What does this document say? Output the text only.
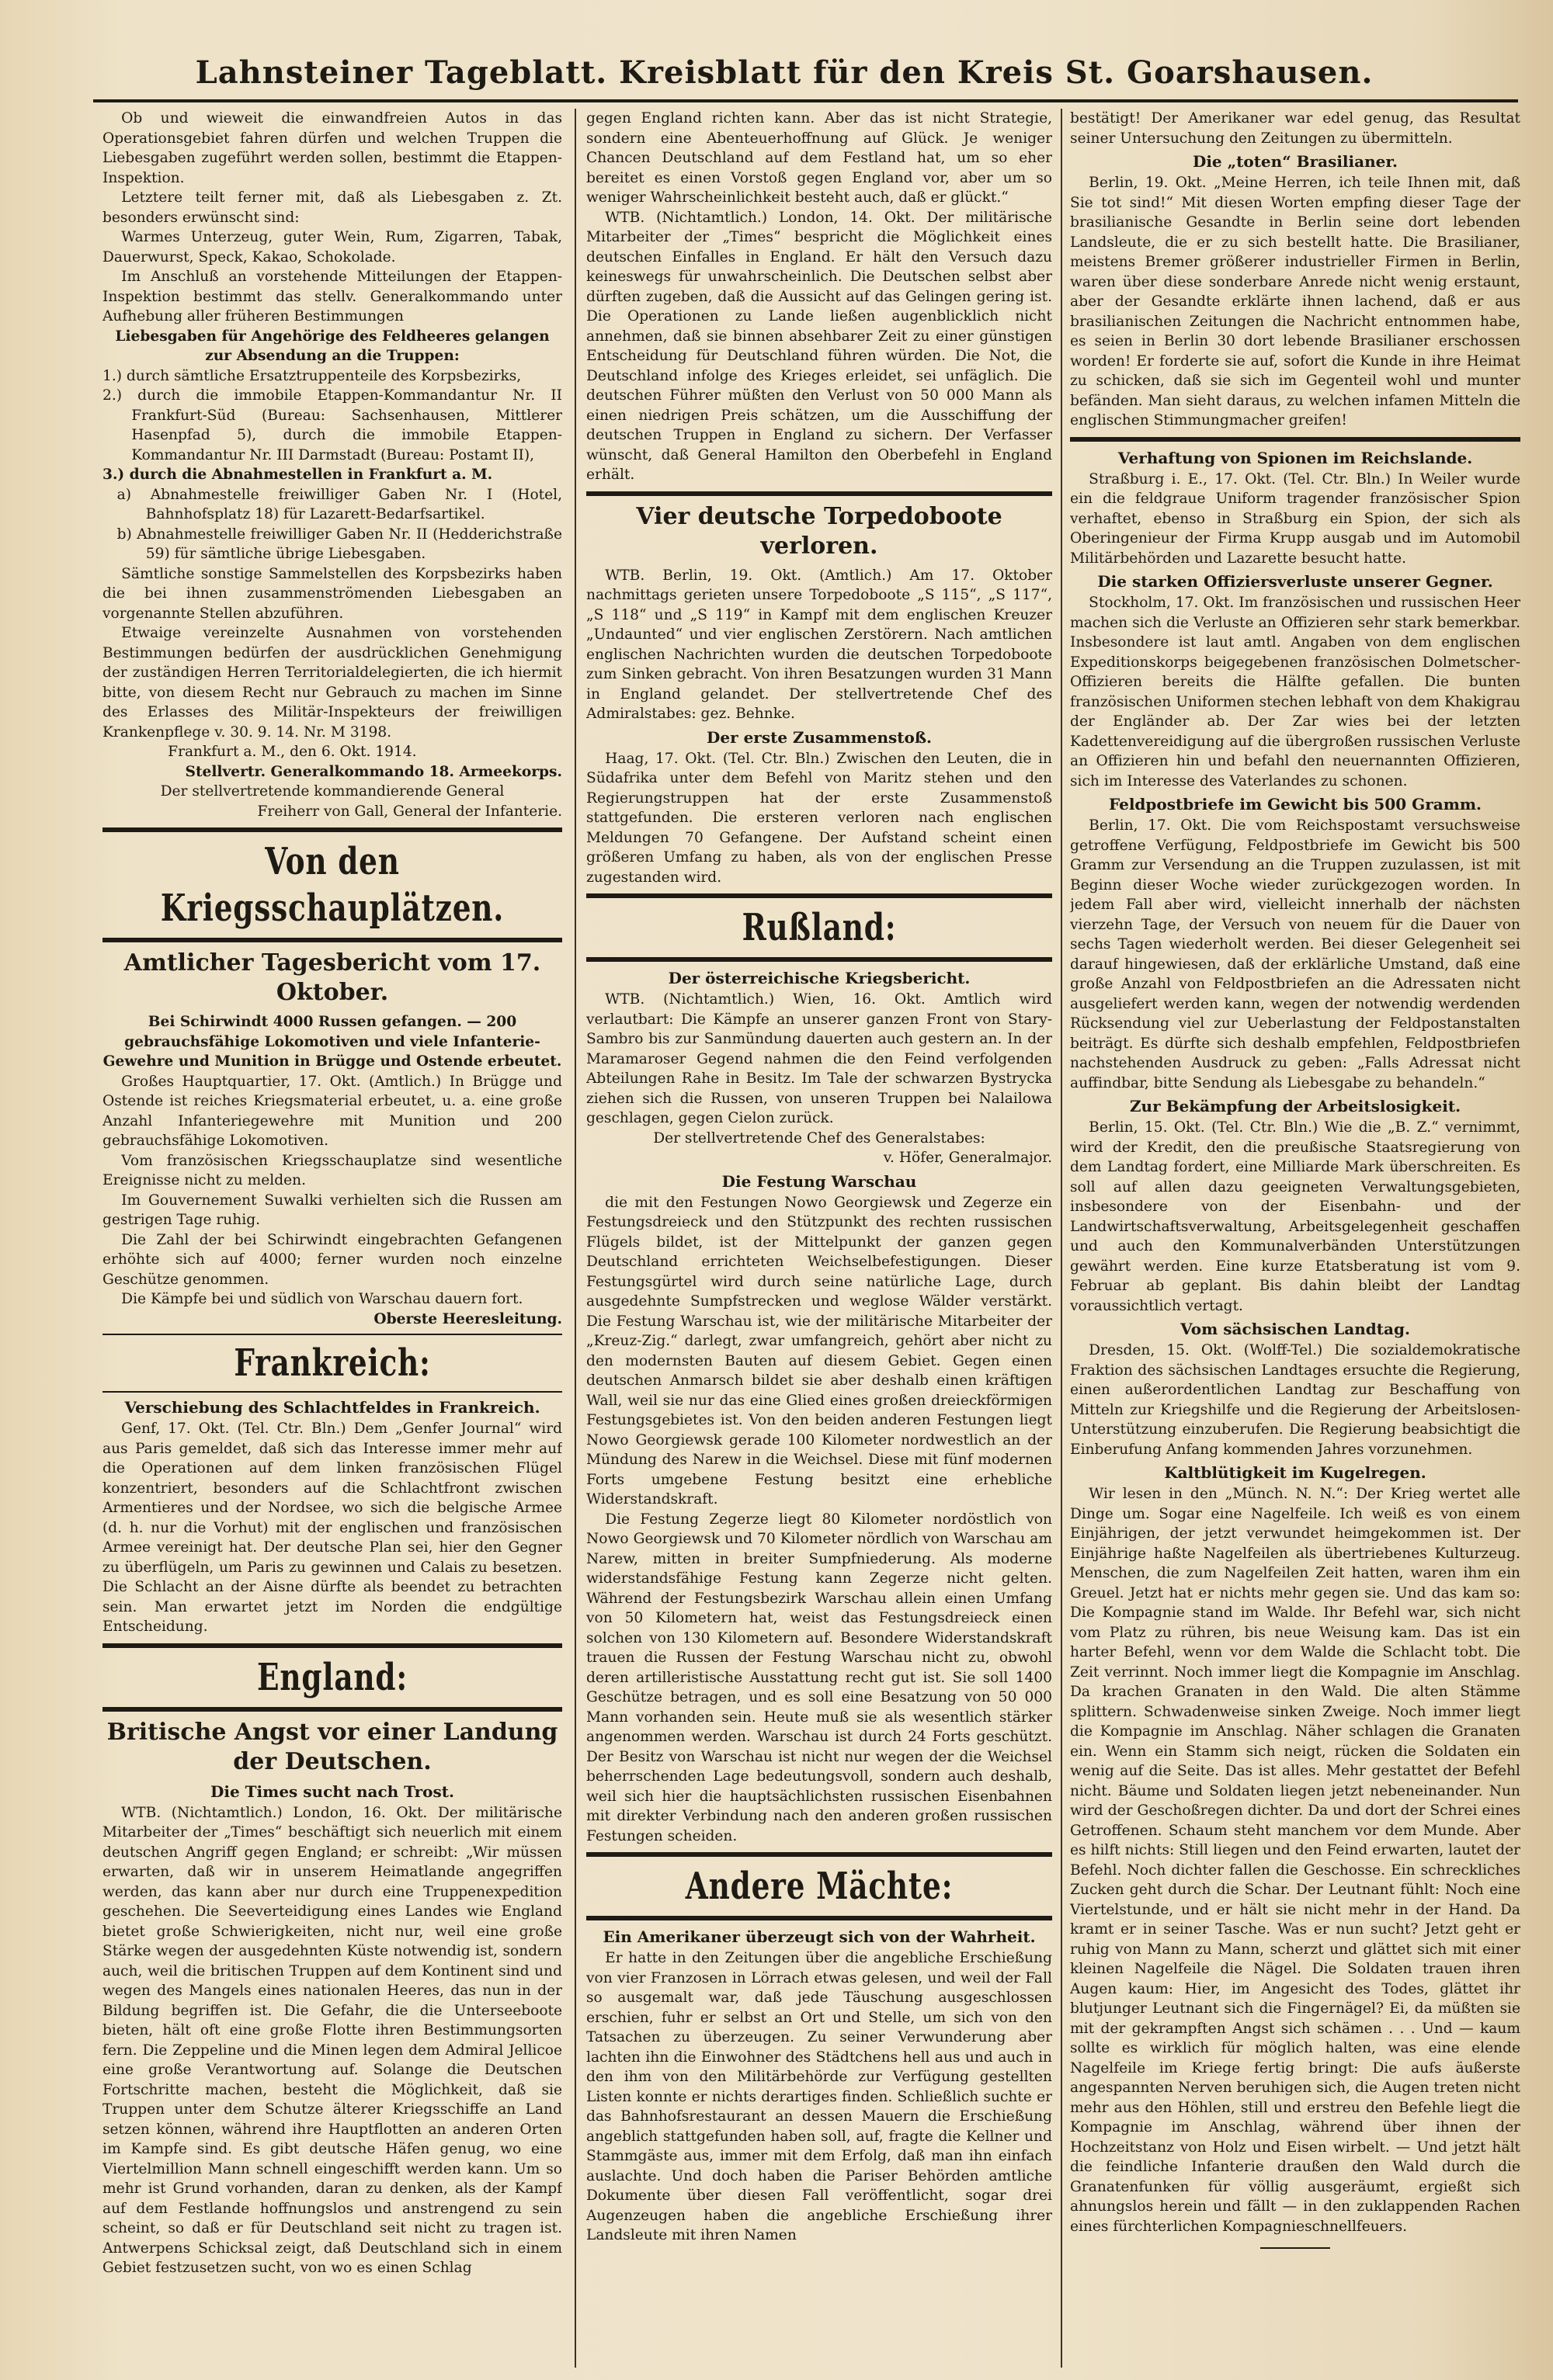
Lahnsteiner Tageblatt. Kreisblatt für den Kreis St. Goarshausen.

Ob und wieweit die einwandfreien Autos in das Operationsgebiet fahren dürfen und welchen Truppen die Liebesgaben zugeführt werden sollen, bestimmt die Etappen-Inspektion.

Letztere teilt ferner mit, daß als Liebesgaben z. Zt. besonders erwünscht sind:

Warmes Unterzeug, guter Wein, Rum, Zigarren, Tabak, Dauerwurst, Speck, Kakao, Schokolade.

Im Anschluß an vorstehende Mitteilungen der Etappen-Inspektion bestimmt das stellv. Generalkommando unter Aufhebung aller früheren Bestimmungen

Liebesgaben für Angehörige des Feldheeres gelangen zur Absendung an die Truppen:

1.) durch sämtliche Ersatztruppenteile des Korpsbezirks,
2.) durch die immobile Etappen-Kommandantur Nr. II Frankfurt-Süd (Bureau: Sachsenhausen, Mittlerer Hasenpfad 5), durch die immobile Etappen-Kommandantur Nr. III Darmstadt (Bureau: Postamt II),
3.) durch die Abnahmestellen in Frankfurt a. M.
a) Abnahmestelle freiwilliger Gaben Nr. I (Hotel, Bahnhofsplatz 18) für Lazarett-Bedarfsartikel.
b) Abnahmestelle freiwilliger Gaben Nr. II (Hedderichstraße 59) für sämtliche übrige Liebesgaben.

Sämtliche sonstige Sammelstellen des Korpsbezirks haben die bei ihnen zusammenströmenden Liebesgaben an vorgenannte Stellen abzuführen.

Etwaige vereinzelte Ausnahmen von vorstehenden Bestimmungen bedürfen der ausdrücklichen Genehmigung der zuständigen Herren Territorialdelegierten, die ich hiermit bitte, von diesem Recht nur Gebrauch zu machen im Sinne des Erlasses des Militär-Inspekteurs der freiwilligen Krankenpflege v. 30. 9. 14. Nr. M 3198.

Frankfurt a. M., den 6. Okt. 1914.

Stellvertr. Generalkommando 18. Armeekorps.

Der stellvertretende kommandierende General

Freiherr von Gall, General der Infanterie.

Von den Kriegsschauplätzen.
Amtlicher Tagesbericht vom 17. Oktober.

Bei Schirwindt 4000 Russen gefangen. — 200 gebrauchsfähige Lokomotiven und viele Infanterie-Gewehre und Munition in Brügge und Ostende erbeutet.

Großes Hauptquartier, 17. Okt. (Amtlich.) In Brügge und Ostende ist reiches Kriegsmaterial erbeutet, u. a. eine große Anzahl Infanteriegewehre mit Munition und 200 gebrauchsfähige Lokomotiven.

Vom französischen Kriegsschauplatze sind wesentliche Ereignisse nicht zu melden.

Im Gouvernement Suwalki verhielten sich die Russen am gestrigen Tage ruhig.

Die Zahl der bei Schirwindt eingebrachten Gefangenen erhöhte sich auf 4000; ferner wurden noch einzelne Geschütze genommen.

Die Kämpfe bei und südlich von Warschau dauern fort.

Oberste Heeresleitung.

Frankreich:
Verschiebung des Schlachtfeldes in Frankreich.

Genf, 17. Okt. (Tel. Ctr. Bln.) Dem „Genfer Journal“ wird aus Paris gemeldet, daß sich das Interesse immer mehr auf die Operationen auf dem linken französischen Flügel konzentriert, besonders auf die Schlachtfront zwischen Armentieres und der Nordsee, wo sich die belgische Armee (d. h. nur die Vorhut) mit der englischen und französischen Armee vereinigt hat. Der deutsche Plan sei, hier den Gegner zu überflügeln, um Paris zu gewinnen und Calais zu besetzen. Die Schlacht an der Aisne dürfte als beendet zu betrachten sein. Man erwartet jetzt im Norden die endgültige Entscheidung.

England:
Britische Angst vor einer Landung der Deutschen.
Die Times sucht nach Trost.

WTB. (Nichtamtlich.) London, 16. Okt. Der militärische Mitarbeiter der „Times“ beschäftigt sich neuerlich mit einem deutschen Angriff gegen England; er schreibt: „Wir müssen erwarten, daß wir in unserem Heimatlande angegriffen werden, das kann aber nur durch eine Truppenexpedition geschehen. Die Seeverteidigung eines Landes wie England bietet große Schwierigkeiten, nicht nur, weil eine große Stärke wegen der ausgedehnten Küste notwendig ist, sondern auch, weil die britischen Truppen auf dem Kontinent sind und wegen des Mangels eines nationalen Heeres, das nun in der Bildung begriffen ist. Die Gefahr, die die Unterseeboote bieten, hält oft eine große Flotte ihren Bestimmungsorten fern. Die Zeppeline und die Minen legen dem Admiral Jellicoe eine große Verantwortung auf. Solange die Deutschen Fortschritte machen, besteht die Möglichkeit, daß sie Truppen unter dem Schutze älterer Kriegsschiffe an Land setzen können, während ihre Hauptflotten an anderen Orten im Kampfe sind. Es gibt deutsche Häfen genug, wo eine Viertelmillion Mann schnell eingeschifft werden kann. Um so mehr ist Grund vorhanden, daran zu denken, als der Kampf auf dem Festlande hoffnungslos und anstrengend zu sein scheint, so daß er für Deutschland seit nicht zu tragen ist. Antwerpens Schicksal zeigt, daß Deutschland sich in einem Gebiet festzusetzen sucht, von wo es einen Schlag

gegen England richten kann. Aber das ist nicht Strategie, sondern eine Abenteuerhoffnung auf Glück. Je weniger Chancen Deutschland auf dem Festland hat, um so eher bereitet es einen Vorstoß gegen England vor, aber um so weniger Wahrscheinlichkeit besteht auch, daß er glückt.“

WTB. (Nichtamtlich.) London, 14. Okt. Der militärische Mitarbeiter der „Times“ bespricht die Möglichkeit eines deutschen Einfalles in England. Er hält den Versuch dazu keineswegs für unwahrscheinlich. Die Deutschen selbst aber dürften zugeben, daß die Aussicht auf das Gelingen gering ist. Die Operationen zu Lande ließen augenblicklich nicht annehmen, daß sie binnen absehbarer Zeit zu einer günstigen Entscheidung für Deutschland führen würden. Die Not, die Deutschland infolge des Krieges erleidet, sei unfäglich. Die deutschen Führer müßten den Verlust von 50 000 Mann als einen niedrigen Preis schätzen, um die Ausschiffung der deutschen Truppen in England zu sichern. Der Verfasser wünscht, daß General Hamilton den Oberbefehl in England erhält.

Vier deutsche Torpedoboote verloren.

WTB. Berlin, 19. Okt. (Amtlich.) Am 17. Oktober nachmittags gerieten unsere Torpedoboote „S 115“, „S 117“, „S 118“ und „S 119“ in Kampf mit dem englischen Kreuzer „Undaunted“ und vier englischen Zerstörern. Nach amtlichen englischen Nachrichten wurden die deutschen Torpedoboote zum Sinken gebracht. Von ihren Besatzungen wurden 31 Mann in England gelandet. Der stellvertretende Chef des Admiralstabes: gez. Behnke.

Der erste Zusammenstoß.

Haag, 17. Okt. (Tel. Ctr. Bln.) Zwischen den Leuten, die in Südafrika unter dem Befehl von Maritz stehen und den Regierungstruppen hat der erste Zusammenstoß stattgefunden. Die ersteren verloren nach englischen Meldungen 70 Gefangene. Der Aufstand scheint einen größeren Umfang zu haben, als von der englischen Presse zugestanden wird.

Rußland:
Der österreichische Kriegsbericht.

WTB. (Nichtamtlich.) Wien, 16. Okt. Amtlich wird verlautbart: Die Kämpfe an unserer ganzen Front von Stary-Sambro bis zur Sanmündung dauerten auch gestern an. In der Maramaroser Gegend nahmen die den Feind verfolgenden Abteilungen Rahe in Besitz. Im Tale der schwarzen Bystrycka ziehen sich die Russen, von unseren Truppen bei Nalailowa geschlagen, gegen Cielon zurück.

Der stellvertretende Chef des Generalstabes:

v. Höfer, Generalmajor.

Die Festung Warschau

die mit den Festungen Nowo Georgiewsk und Zegerze ein Festungsdreieck und den Stützpunkt des rechten russischen Flügels bildet, ist der Mittelpunkt der ganzen gegen Deutschland errichteten Weichselbefestigungen. Dieser Festungsgürtel wird durch seine natürliche Lage, durch ausgedehnte Sumpfstrecken und weglose Wälder verstärkt. Die Festung Warschau ist, wie der militärische Mitarbeiter der „Kreuz-Zig.“ darlegt, zwar umfangreich, gehört aber nicht zu den modernsten Bauten auf diesem Gebiet. Gegen einen deutschen Anmarsch bildet sie aber deshalb einen kräftigen Wall, weil sie nur das eine Glied eines großen dreieckförmigen Festungsgebietes ist. Von den beiden anderen Festungen liegt Nowo Georgiewsk gerade 100 Kilometer nordwestlich an der Mündung des Narew in die Weichsel. Diese mit fünf modernen Forts umgebene Festung besitzt eine erhebliche Widerstandskraft.

Die Festung Zegerze liegt 80 Kilometer nordöstlich von Nowo Georgiewsk und 70 Kilometer nördlich von Warschau am Narew, mitten in breiter Sumpfniederung. Als moderne widerstandsfähige Festung kann Zegerze nicht gelten. Während der Festungsbezirk Warschau allein einen Umfang von 50 Kilometern hat, weist das Festungsdreieck einen solchen von 130 Kilometern auf. Besondere Widerstandskraft trauen die Russen der Festung Warschau nicht zu, obwohl deren artilleristische Ausstattung recht gut ist. Sie soll 1400 Geschütze betragen, und es soll eine Besatzung von 50 000 Mann vorhanden sein. Heute muß sie als wesentlich stärker angenommen werden. Warschau ist durch 24 Forts geschützt. Der Besitz von Warschau ist nicht nur wegen der die Weichsel beherrschenden Lage bedeutungsvoll, sondern auch deshalb, weil sich hier die hauptsächlichsten russischen Eisenbahnen mit direkter Verbindung nach den anderen großen russischen Festungen scheiden.

Andere Mächte:
Ein Amerikaner überzeugt sich von der Wahrheit.

Er hatte in den Zeitungen über die angebliche Erschießung von vier Franzosen in Lörrach etwas gelesen, und weil der Fall so ausgemalt war, daß jede Täuschung ausgeschlossen erschien, fuhr er selbst an Ort und Stelle, um sich von den Tatsachen zu überzeugen. Zu seiner Verwunderung aber lachten ihn die Einwohner des Städtchens hell aus und auch in den ihm von den Militärbehörde zur Verfügung gestellten Listen konnte er nichts derartiges finden. Schließlich suchte er das Bahnhofsrestaurant an dessen Mauern die Erschießung angeblich stattgefunden haben soll, auf, fragte die Kellner und Stammgäste aus, immer mit dem Erfolg, daß man ihn einfach auslachte. Und doch haben die Pariser Behörden amtliche Dokumente über diesen Fall veröffentlicht, sogar drei Augenzeugen haben die angebliche Erschießung ihrer Landsleute mit ihren Namen

bestätigt! Der Amerikaner war edel genug, das Resultat seiner Untersuchung den Zeitungen zu übermitteln.

Die „toten“ Brasilianer.

Berlin, 19. Okt. „Meine Herren, ich teile Ihnen mit, daß Sie tot sind!“ Mit diesen Worten empfing dieser Tage der brasilianische Gesandte in Berlin seine dort lebenden Landsleute, die er zu sich bestellt hatte. Die Brasilianer, meistens Bremer größerer industrieller Firmen in Berlin, waren über diese sonderbare Anrede nicht wenig erstaunt, aber der Gesandte erklärte ihnen lachend, daß er aus brasilianischen Zeitungen die Nachricht entnommen habe, es seien in Berlin 30 dort lebende Brasilianer erschossen worden! Er forderte sie auf, sofort die Kunde in ihre Heimat zu schicken, daß sie sich im Gegenteil wohl und munter befänden. Man sieht daraus, zu welchen infamen Mitteln die englischen Stimmungmacher greifen!

Verhaftung von Spionen im Reichslande.

Straßburg i. E., 17. Okt. (Tel. Ctr. Bln.) In Weiler wurde ein die feldgraue Uniform tragender französischer Spion verhaftet, ebenso in Straßburg ein Spion, der sich als Oberingenieur der Firma Krupp ausgab und im Automobil Militärbehörden und Lazarette besucht hatte.

Die starken Offiziersverluste unserer Gegner.

Stockholm, 17. Okt. Im französischen und russischen Heer machen sich die Verluste an Offizieren sehr stark bemerkbar. Insbesondere ist laut amtl. Angaben von dem englischen Expeditionskorps beigegebenen französischen Dolmetscher-Offizieren bereits die Hälfte gefallen. Die bunten französischen Uniformen stechen lebhaft von dem Khakigrau der Engländer ab. Der Zar wies bei der letzten Kadettenvereidigung auf die übergroßen russischen Verluste an Offizieren hin und befahl den neuernannten Offizieren, sich im Interesse des Vaterlandes zu schonen.

Feldpostbriefe im Gewicht bis 500 Gramm.

Berlin, 17. Okt. Die vom Reichspostamt versuchsweise getroffene Verfügung, Feldpostbriefe im Gewicht bis 500 Gramm zur Versendung an die Truppen zuzulassen, ist mit Beginn dieser Woche wieder zurückgezogen worden. In jedem Fall aber wird, vielleicht innerhalb der nächsten vierzehn Tage, der Versuch von neuem für die Dauer von sechs Tagen wiederholt werden. Bei dieser Gelegenheit sei darauf hingewiesen, daß der erklärliche Umstand, daß eine große Anzahl von Feldpostbriefen an die Adressaten nicht ausgeliefert werden kann, wegen der notwendig werdenden Rücksendung viel zur Ueberlastung der Feldpostanstalten beiträgt. Es dürfte sich deshalb empfehlen, Feldpostbriefen nachstehenden Ausdruck zu geben: „Falls Adressat nicht auffindbar, bitte Sendung als Liebesgabe zu behandeln.“

Zur Bekämpfung der Arbeitslosigkeit.

Berlin, 15. Okt. (Tel. Ctr. Bln.) Wie die „B. Z.“ vernimmt, wird der Kredit, den die preußische Staatsregierung von dem Landtag fordert, eine Milliarde Mark überschreiten. Es soll auf allen dazu geeigneten Verwaltungsgebieten, insbesondere von der Eisenbahn- und der Landwirtschaftsverwaltung, Arbeitsgelegenheit geschaffen und auch den Kommunalverbänden Unterstützungen gewährt werden. Eine kurze Etatsberatung ist vom 9. Februar ab geplant. Bis dahin bleibt der Landtag voraussichtlich vertagt.

Vom sächsischen Landtag.

Dresden, 15. Okt. (Wolff-Tel.) Die sozialdemokratische Fraktion des sächsischen Landtages ersuchte die Regierung, einen außerordentlichen Landtag zur Beschaffung von Mitteln zur Kriegshilfe und die Regierung der Arbeitslosen-Unterstützung einzuberufen. Die Regierung beabsichtigt die Einberufung Anfang kommenden Jahres vorzunehmen.

Kaltblütigkeit im Kugelregen.

Wir lesen in den „Münch. N. N.“: Der Krieg wertet alle Dinge um. Sogar eine Nagelfeile. Ich weiß es von einem Einjährigen, der jetzt verwundet heimgekommen ist. Der Einjährige haßte Nagelfeilen als übertriebenes Kulturzeug. Menschen, die zum Nagelfeilen Zeit hatten, waren ihm ein Greuel. Jetzt hat er nichts mehr gegen sie. Und das kam so: Die Kompagnie stand im Walde. Ihr Befehl war, sich nicht vom Platz zu rühren, bis neue Weisung kam. Das ist ein harter Befehl, wenn vor dem Walde die Schlacht tobt. Die Zeit verrinnt. Noch immer liegt die Kompagnie im Anschlag. Da krachen Granaten in den Wald. Die alten Stämme splittern. Schwadenweise sinken Zweige. Noch immer liegt die Kompagnie im Anschlag. Näher schlagen die Granaten ein. Wenn ein Stamm sich neigt, rücken die Soldaten ein wenig auf die Seite. Das ist alles. Mehr gestattet der Befehl nicht. Bäume und Soldaten liegen jetzt nebeneinander. Nun wird der Geschoßregen dichter. Da und dort der Schrei eines Getroffenen. Schaum steht manchem vor dem Munde. Aber es hilft nichts: Still liegen und den Feind erwarten, lautet der Befehl. Noch dichter fallen die Geschosse. Ein schreckliches Zucken geht durch die Schar. Der Leutnant fühlt: Noch eine Viertelstunde, und er hält sie nicht mehr in der Hand. Da kramt er in seiner Tasche. Was er nun sucht? Jetzt geht er ruhig von Mann zu Mann, scherzt und glättet sich mit einer kleinen Nagelfeile die Nägel. Die Soldaten trauen ihren Augen kaum: Hier, im Angesicht des Todes, glättet ihr blutjunger Leutnant sich die Fingernägel? Ei, da müßten sie mit der gekrampften Angst sich schämen . . . Und — kaum sollte es wirklich für möglich halten, was eine elende Nagelfeile im Kriege fertig bringt: Die aufs äußerste angespannten Nerven beruhigen sich, die Augen treten nicht mehr aus den Höhlen, still und erstreu den Befehle liegt die Kompagnie im Anschlag, während über ihnen der Hochzeitstanz von Holz und Eisen wirbelt. — Und jetzt hält die feindliche Infanterie draußen den Wald durch die Granatenfunken für völlig ausgeräumt, ergießt sich ahnungslos herein und fällt — in den zuklappenden Rachen eines fürchterlichen Kompagnieschnellfeuers.
